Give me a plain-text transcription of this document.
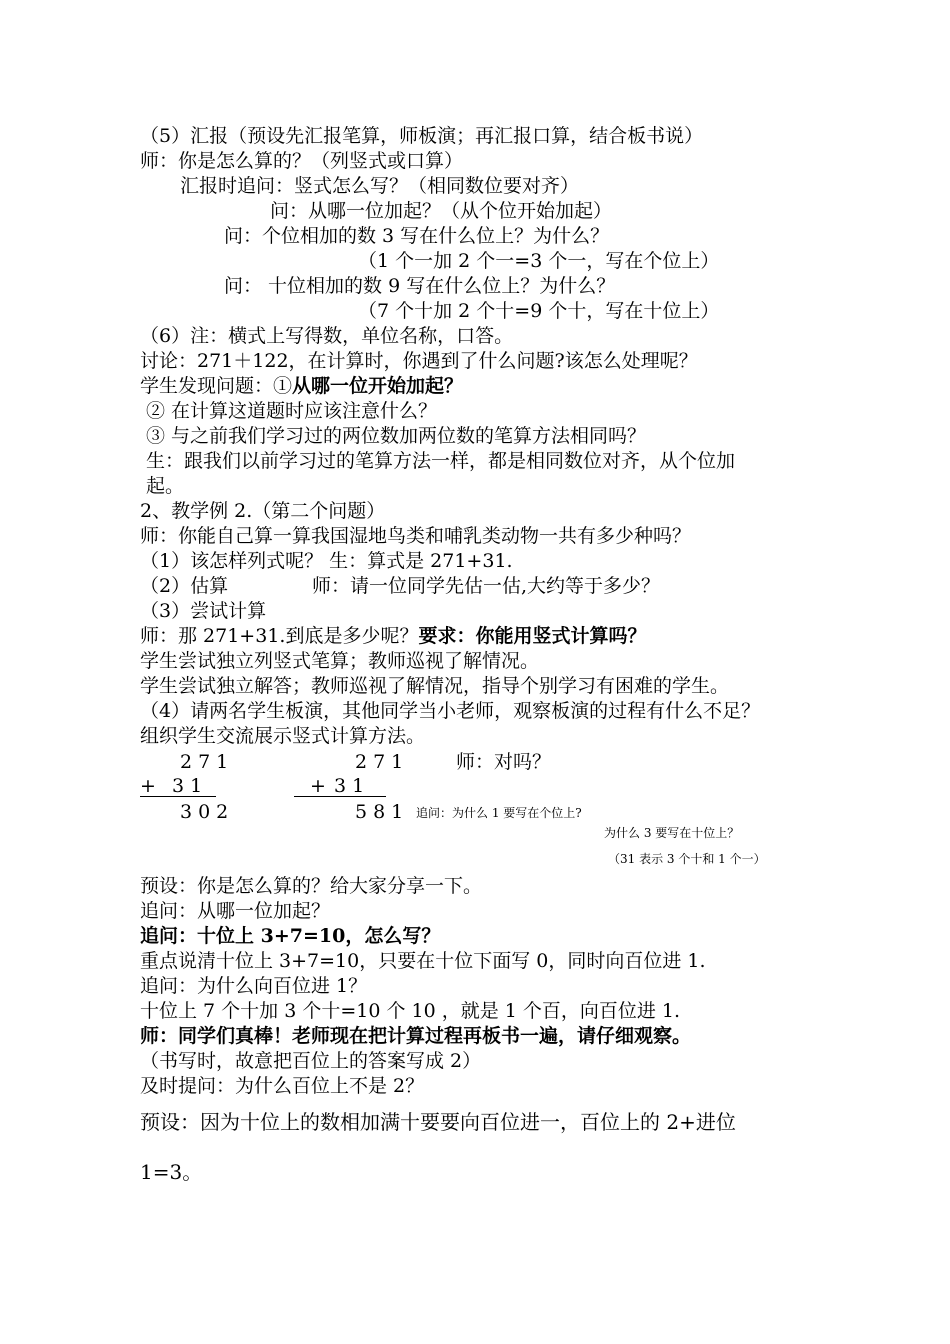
（5）汇报（预设先汇报笔算，师板演；再汇报口算，结合板书说）
师：你是怎么算的？（列竖式或口算）
汇报时追问：竖式怎么写？（相同数位要对齐）
问：从哪一位加起？（从个位开始加起）
问：个位相加的数 3 写在什么位上？为什么？
（1 个一加 2 个一=3 个一，写在个位上）
问： 十位相加的数 9 写在什么位上？为什么？
（7 个十加 2 个十=9 个十，写在十位上）
（6）注：横式上写得数，单位名称，口答。
讨论：271＋122，在计算时，你遇到了什么问题?该怎么处理呢？
学生发现问题：①从哪一位开始加起？
② 在计算这道题时应该注意什么？
③ 与之前我们学习过的两位数加两位数的笔算方法相同吗？
生：跟我们以前学习过的笔算方法一样，都是相同数位对齐，从个位加
起。
2、教学例 2.（第二个问题）
师：你能自己算一算我国湿地鸟类和哺乳类动物一共有多少种吗？
（1）该怎样列式呢？ 生：算式是 271+31.
（2）估算	师：请一位同学先估一估,大约等于多少？
（3）尝试计算
师：那 271+31.到底是多少呢？要求：你能用竖式计算吗？
学生尝试独立列竖式笔算；教师巡视了解情况。
学生尝试独立解答；教师巡视了解情况，指导个别学习有困难的学生。
（4）请两名学生板演，其他同学当小老师，观察板演的过程有什么不足？
组织学生交流展示竖式计算方法。
271
+ 31
302
271
+ 31
581
师：对吗？
追问：为什么 1 要写在个位上?
为什么 3 要写在十位上？
（31 表示 3 个十和 1 个一）
预设：你是怎么算的？给大家分享一下。
追问：从哪一位加起？
追问：十位上 3+7=10，怎么写？
重点说清十位上 3+7=10，只要在十位下面写 0，同时向百位进 1.
追问：为什么向百位进 1？
十位上 7 个十加 3 个十=10 个 10 ，就是 1 个百，向百位进 1.
师：同学们真棒！老师现在把计算过程再板书一遍，请仔细观察。
（书写时，故意把百位上的答案写成 2）
及时提问：为什么百位上不是 2？
预设：因为十位上的数相加满十要要向百位进一，百位上的 2+进位
1=3。
